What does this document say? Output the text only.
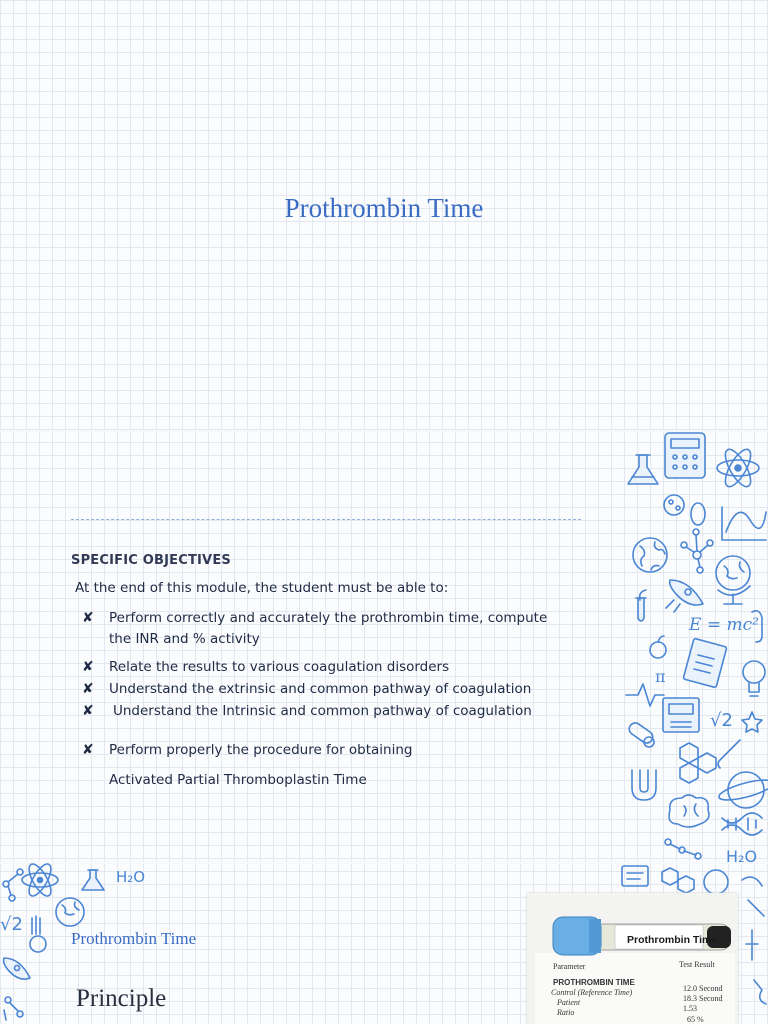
Prothrombin Time
SPECIFIC OBJECTIVES
At the end of this module, the student must be able to:
✘	Perform correctly and accurately the prothrombin time, compute
the INR and % activity
✘	Relate the results to various coagulation disorders
✘	Understand the extrinsic and common pathway of coagulation
✘	Understand the Intrinsic and common pathway of coagulation
✘	Perform properly the procedure for obtaining
Activated Partial Thromboplastin Time
Prothrombin Time
Principle
E = mc²
π
√2
H₂O
H₂O
√2
Prothrombin Time
Parameter	Test Result
PROTHROMBIN TIME
Control (Reference Time)	12.0 Second
Patient	18.3 Second
Ratio	1.53
65 %
